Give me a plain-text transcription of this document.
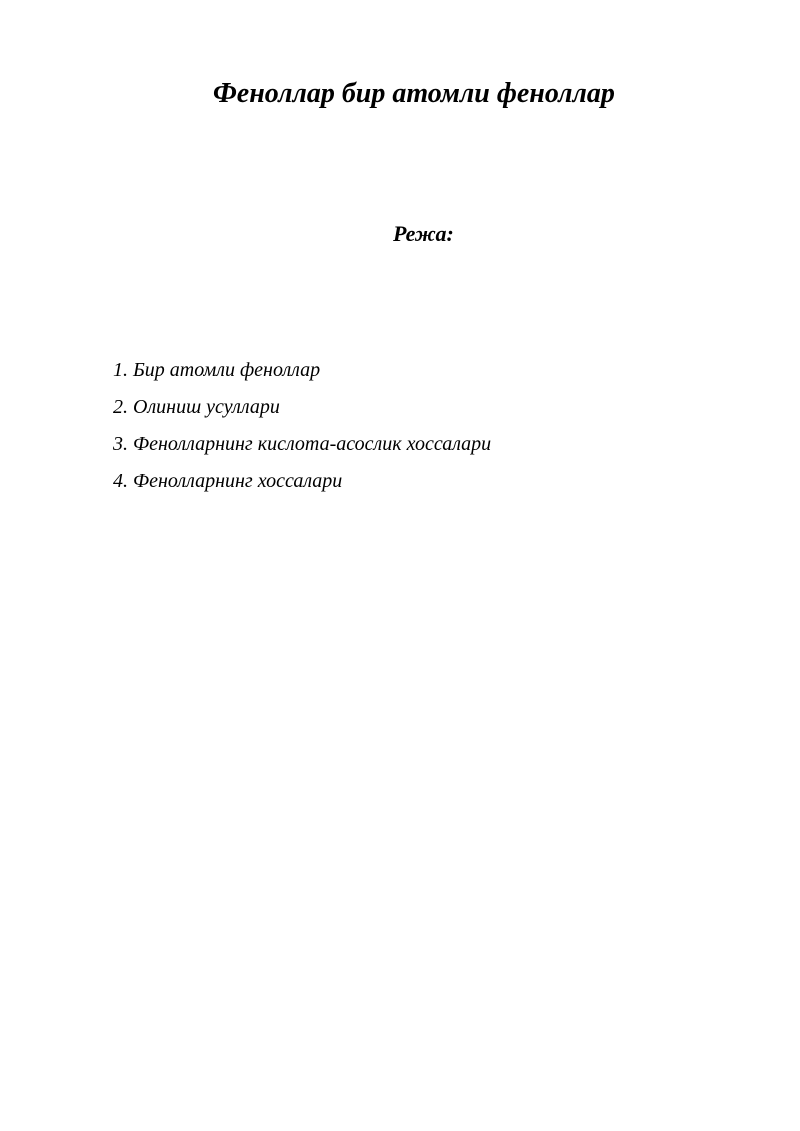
Феноллар бир атомли феноллар
Режа:
1. Бир атомли феноллар
2. Олиниш усуллари
3. Фенолларнинг кислота-асослик хоссалари
4. Фенолларнинг хоссалари
